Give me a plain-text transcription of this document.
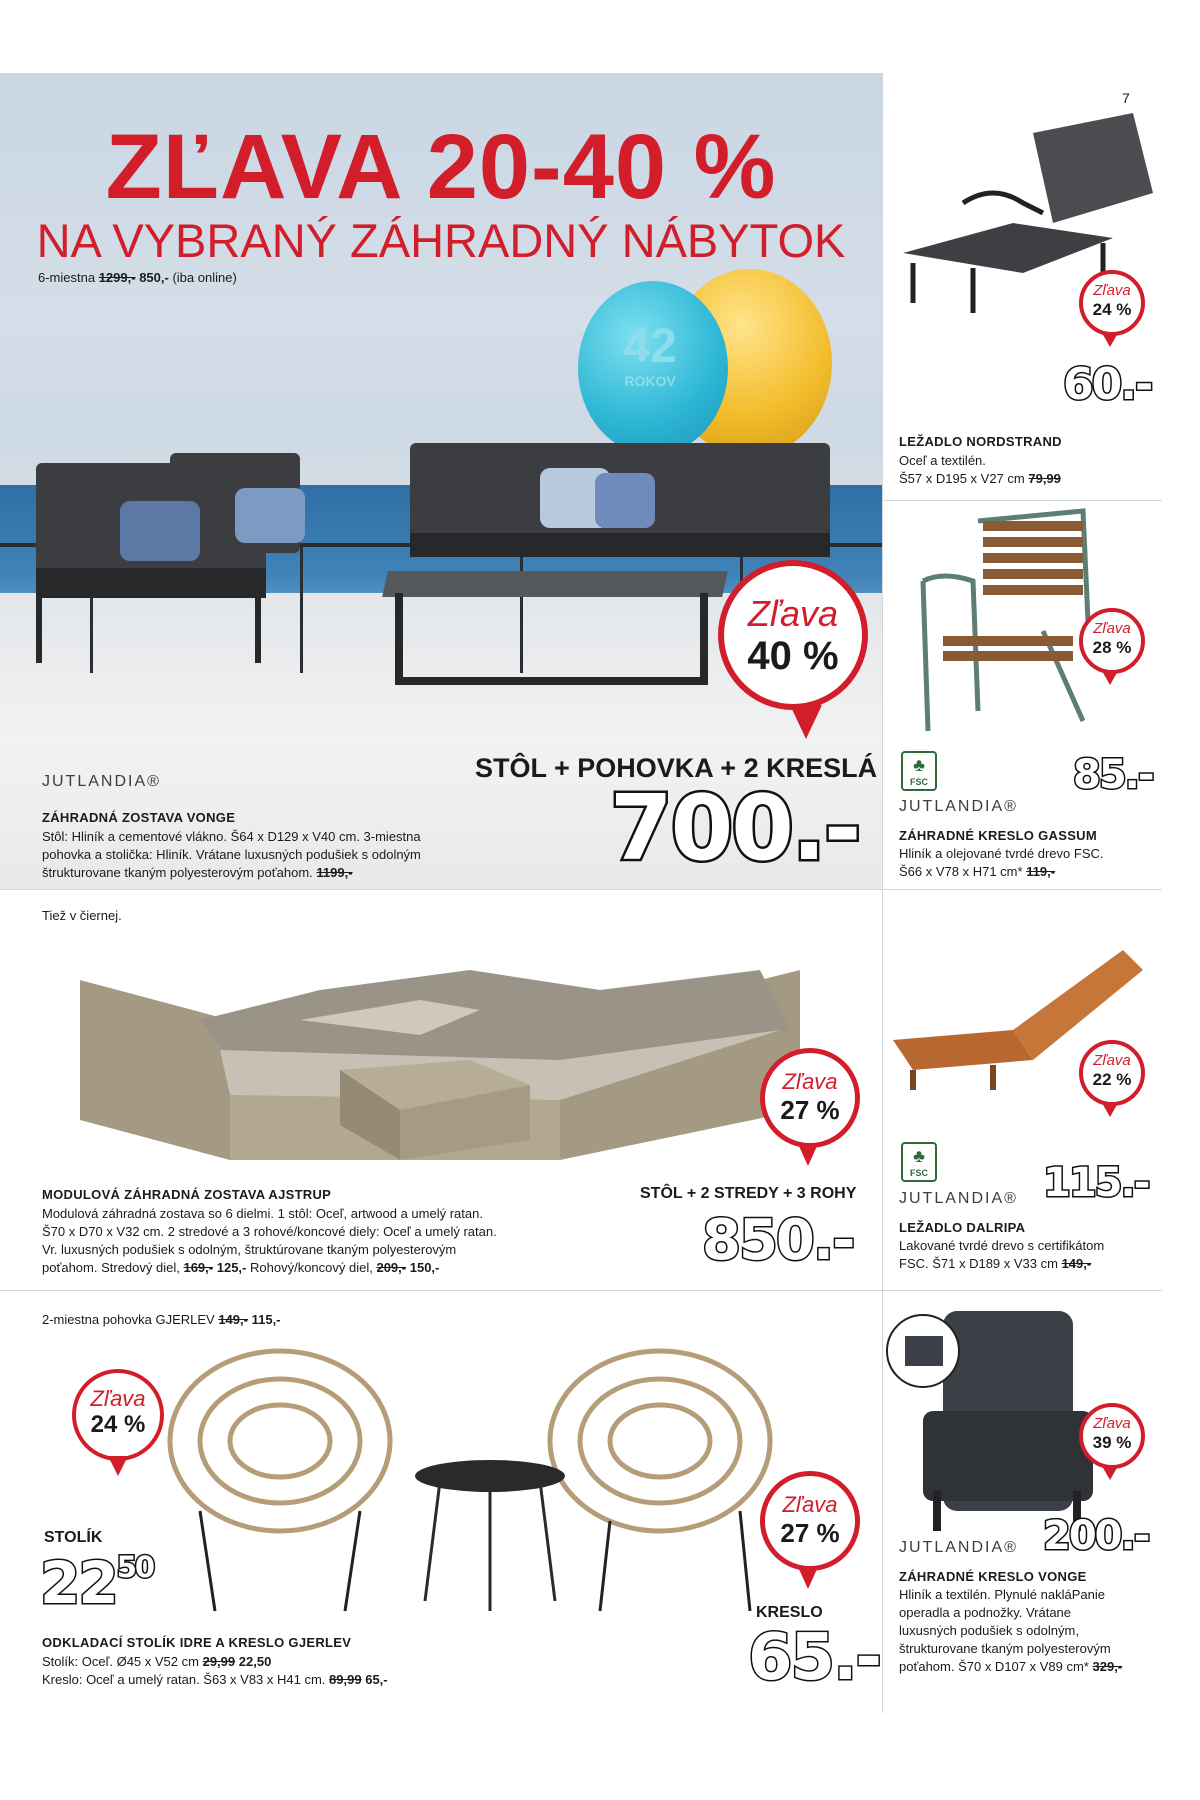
7
42
ROKOV
ZĽAVA 20-40 %
NA VYBRANÝ ZÁHRADNÝ NÁBYTOK
6-miestna 1299,- 850,- (iba online)
Zľava
40 %
STÔL + POHOVKA + 2 KRESLÁ
700.-
JUTLANDIA®
ZÁHRADNÁ ZOSTAVA VONGE
Stôl: Hliník a cementové vlákno. Š64 x D129 x V40 cm. 3-miestna
pohovka a stolička: Hliník. Vrátane luxusných podušiek s odolným
štrukturovane tkaným polyesterovým poťahom. 1199,-
Zľava
24 %
60.-
LEŽADLO NORDSTRAND
Oceľ a textilén.
Š57 x D195 x V27 cm 79,99
Zľava
28 %
♣
FSC	85.-
JUTLANDIA®
ZÁHRADNÉ KRESLO GASSUM
Hliník a olejované tvrdé drevo FSC.
Š66 x V78 x H71 cm* 119,-
Tiež v čiernej.
Zľava
27 %
STÔL + 2 STREDY + 3 ROHY
850.-
MODULOVÁ ZÁHRADNÁ ZOSTAVA AJSTRUP
Modulová záhradná zostava so 6 dielmi. 1 stôl: Oceľ, artwood a umelý ratan.
Š70 x D70 x V32 cm. 2 stredové a 3 rohové/koncové diely: Oceľ a umelý ratan.
Vr. luxusných podušiek s odolným, štruktúrovane tkaným polyesterovým
poťahom. Stredový diel, 169,- 125,- Rohový/koncový diel, 209,- 150,-
Zľava
22 %
♣
FSC	115.-
JUTLANDIA®
LEŽADLO DALRIPA
Lakované tvrdé drevo s certifikátom
FSC. Š71 x D189 x V33 cm 149,-
2-miestna pohovka GJERLEV 149,- 115,-
Zľava
24 %
STOLÍK
$22^{50}$
Zľava
27 %
KRESLO
65.-
ODKLADACÍ STOLÍK IDRE A KRESLO GJERLEV
Stolík: Oceľ. Ø45 x V52 cm 29,99 22,50
Kreslo: Oceľ a umelý ratan. Š63 x V83 x H41 cm. 89,99 65,-
Zľava
39 %
200.-
JUTLANDIA®
ZÁHRADNÉ KRESLO VONGE
Hliník a textilén. Plynulé nakláPanie
operadla a podnožky. Vrátane
luxusných podušiek s odolným,
štrukturovane tkaným polyesterovým
poťahom. Š70 x D107 x V89 cm* 329,-
